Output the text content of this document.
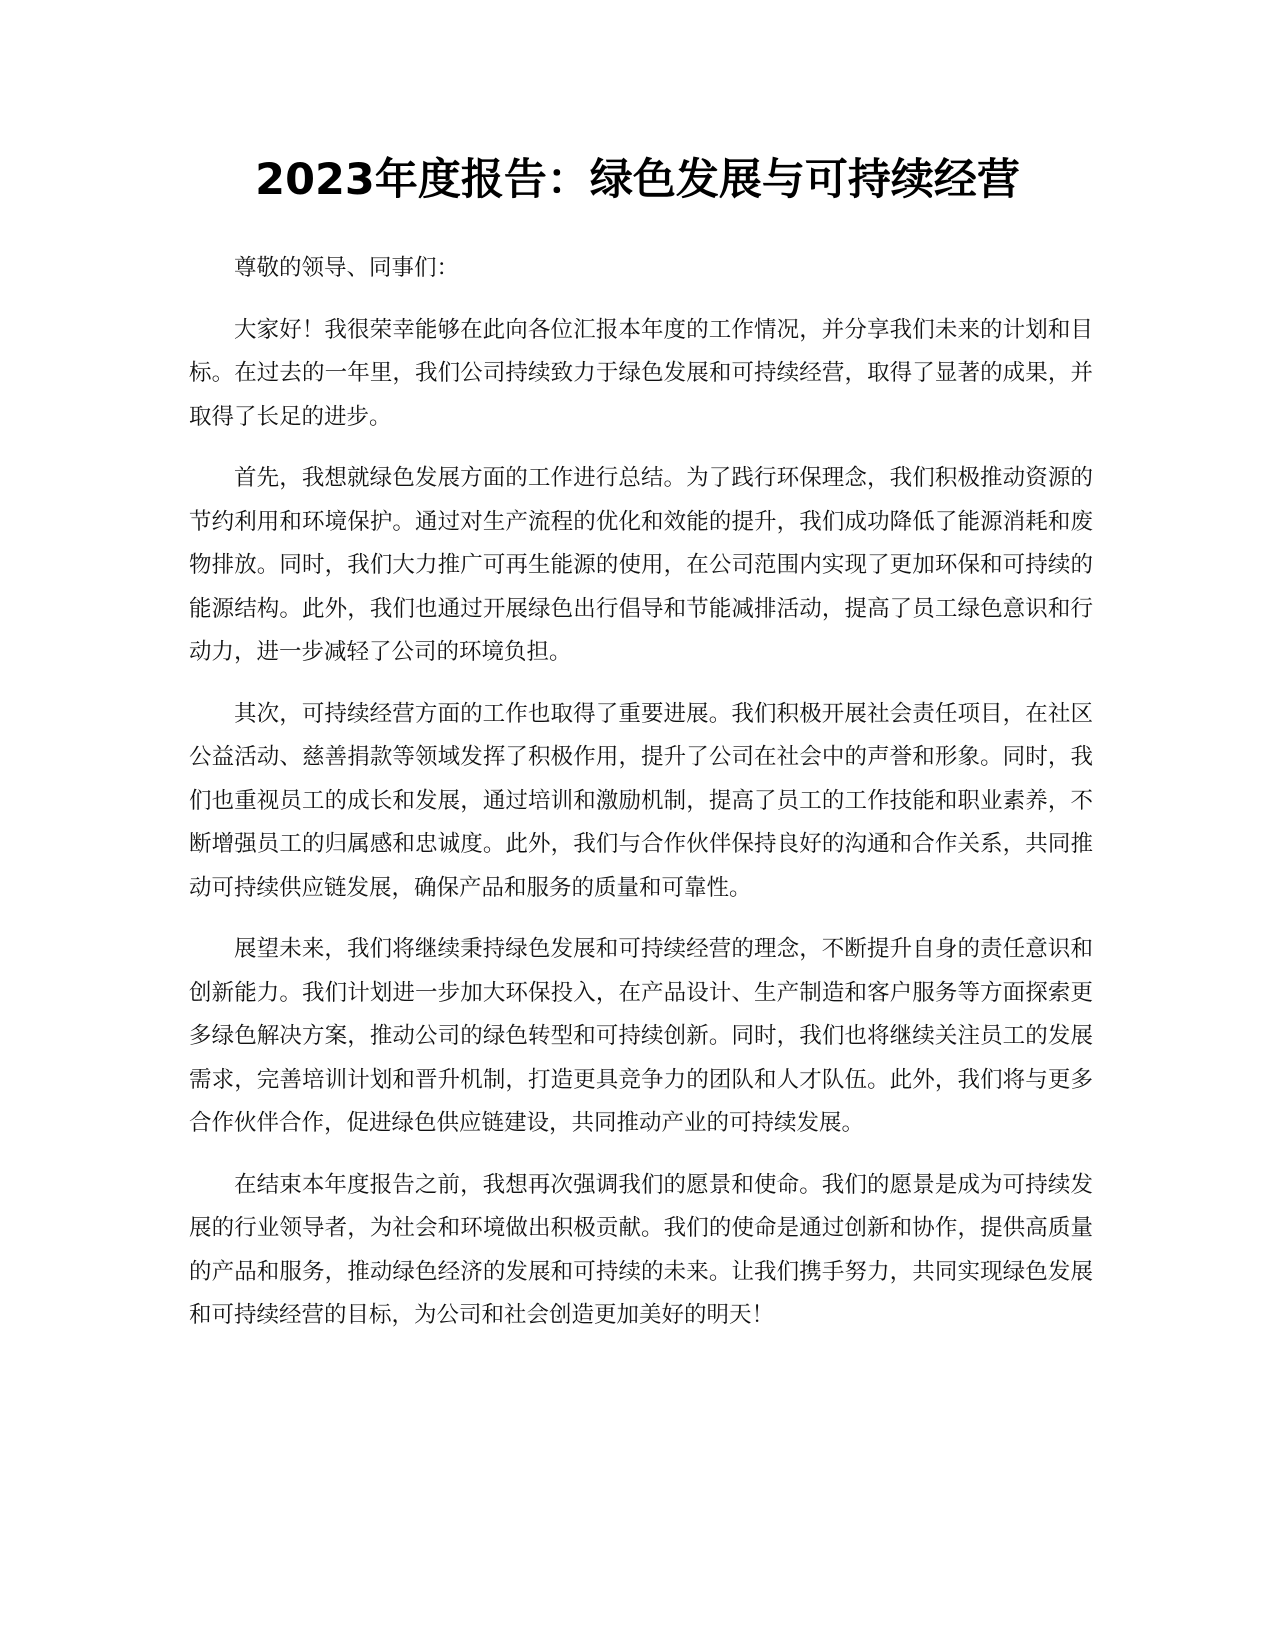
2023年度报告：绿色发展与可持续经营

尊敬的领导、同事们：

大家好！我很荣幸能够在此向各位汇报本年度的工作情况，并分享我们未来的计划和目标。在过去的一年里，我们公司持续致力于绿色发展和可持续经营，取得了显著的成果，并取得了长足的进步。

首先，我想就绿色发展方面的工作进行总结。为了践行环保理念，我们积极推动资源的节约利用和环境保护。通过对生产流程的优化和效能的提升，我们成功降低了能源消耗和废物排放。同时，我们大力推广可再生能源的使用，在公司范围内实现了更加环保和可持续的能源结构。此外，我们也通过开展绿色出行倡导和节能减排活动，提高了员工绿色意识和行动力，进一步减轻了公司的环境负担。

其次，可持续经营方面的工作也取得了重要进展。我们积极开展社会责任项目，在社区公益活动、慈善捐款等领域发挥了积极作用，提升了公司在社会中的声誉和形象。同时，我们也重视员工的成长和发展，通过培训和激励机制，提高了员工的工作技能和职业素养，不断增强员工的归属感和忠诚度。此外，我们与合作伙伴保持良好的沟通和合作关系，共同推动可持续供应链发展，确保产品和服务的质量和可靠性。

展望未来，我们将继续秉持绿色发展和可持续经营的理念，不断提升自身的责任意识和创新能力。我们计划进一步加大环保投入，在产品设计、生产制造和客户服务等方面探索更多绿色解决方案，推动公司的绿色转型和可持续创新。同时，我们也将继续关注员工的发展需求，完善培训计划和晋升机制，打造更具竞争力的团队和人才队伍。此外，我们将与更多合作伙伴合作，促进绿色供应链建设，共同推动产业的可持续发展。

在结束本年度报告之前，我想再次强调我们的愿景和使命。我们的愿景是成为可持续发展的行业领导者，为社会和环境做出积极贡献。我们的使命是通过创新和协作，提供高质量的产品和服务，推动绿色经济的发展和可持续的未来。让我们携手努力，共同实现绿色发展和可持续经营的目标，为公司和社会创造更加美好的明天！
